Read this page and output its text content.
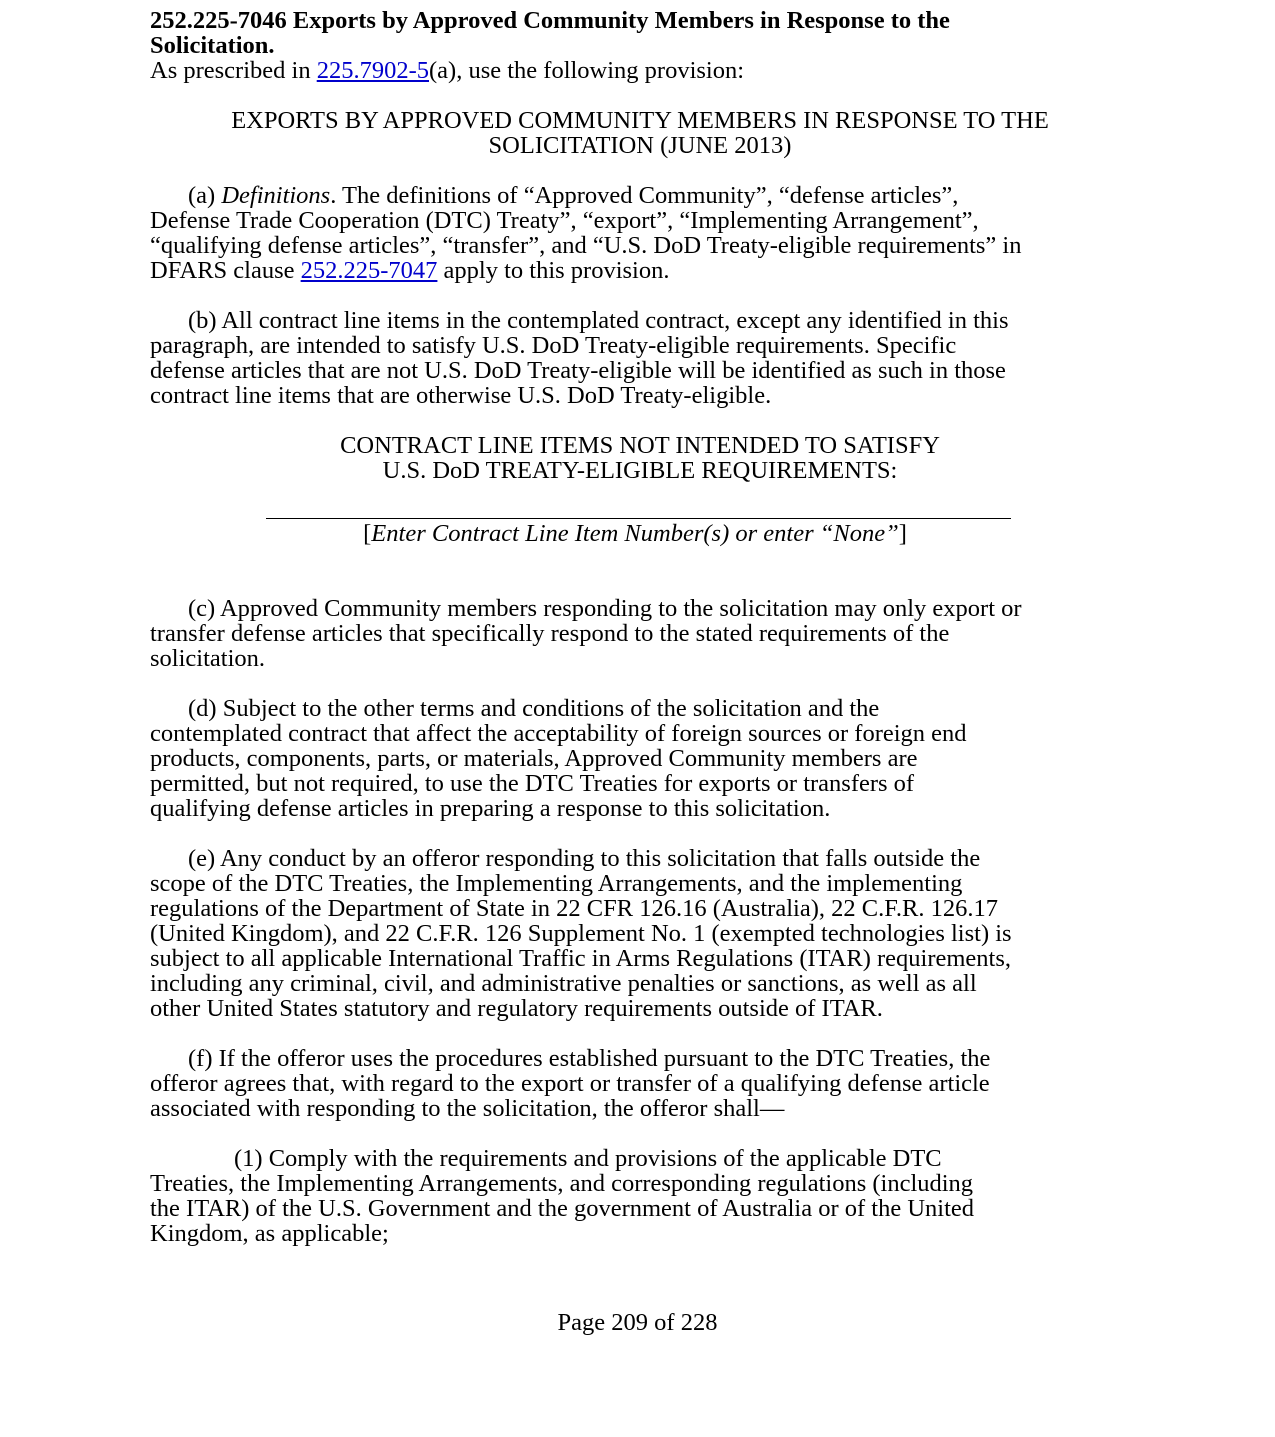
252.225-7046 Exports by Approved Community Members in Response to the
Solicitation.

As prescribed in 225.7902-5(a), use the following provision:

EXPORTS BY APPROVED COMMUNITY MEMBERS IN RESPONSE TO THE
SOLICITATION (JUNE 2013)
(a) Definitions. The definitions of “Approved Community”, “defense articles”,
Defense Trade Cooperation (DTC) Treaty”, “export”, “Implementing Arrangement”,
“qualifying defense articles”, “transfer”, and “U.S. DoD Treaty-eligible requirements” in
DFARS clause 252.225-7047 apply to this provision.
(b) All contract line items in the contemplated contract, except any identified in this
paragraph, are intended to satisfy U.S. DoD Treaty-eligible requirements. Specific
defense articles that are not U.S. DoD Treaty-eligible will be identified as such in those
contract line items that are otherwise U.S. DoD Treaty-eligible.
CONTRACT LINE ITEMS NOT INTENDED TO SATISFY
U.S. DoD TREATY-ELIGIBLE REQUIREMENTS:
[Enter Contract Line Item Number(s) or enter “None”]
(c) Approved Community members responding to the solicitation may only export or
transfer defense articles that specifically respond to the stated requirements of the
solicitation.
(d) Subject to the other terms and conditions of the solicitation and the
contemplated contract that affect the acceptability of foreign sources or foreign end
products, components, parts, or materials, Approved Community members are
permitted, but not required, to use the DTC Treaties for exports or transfers of
qualifying defense articles in preparing a response to this solicitation.
(e) Any conduct by an offeror responding to this solicitation that falls outside the
scope of the DTC Treaties, the Implementing Arrangements, and the implementing
regulations of the Department of State in 22 CFR 126.16 (Australia), 22 C.F.R. 126.17
(United Kingdom), and 22 C.F.R. 126 Supplement No. 1 (exempted technologies list) is
subject to all applicable International Traffic in Arms Regulations (ITAR) requirements,
including any criminal, civil, and administrative penalties or sanctions, as well as all
other United States statutory and regulatory requirements outside of ITAR.
(f) If the offeror uses the procedures established pursuant to the DTC Treaties, the
offeror agrees that, with regard to the export or transfer of a qualifying defense article
associated with responding to the solicitation, the offeror shall—
(1) Comply with the requirements and provisions of the applicable DTC
Treaties, the Implementing Arrangements, and corresponding regulations (including
the ITAR) of the U.S. Government and the government of Australia or of the United
Kingdom, as applicable;
Page 209 of 228
